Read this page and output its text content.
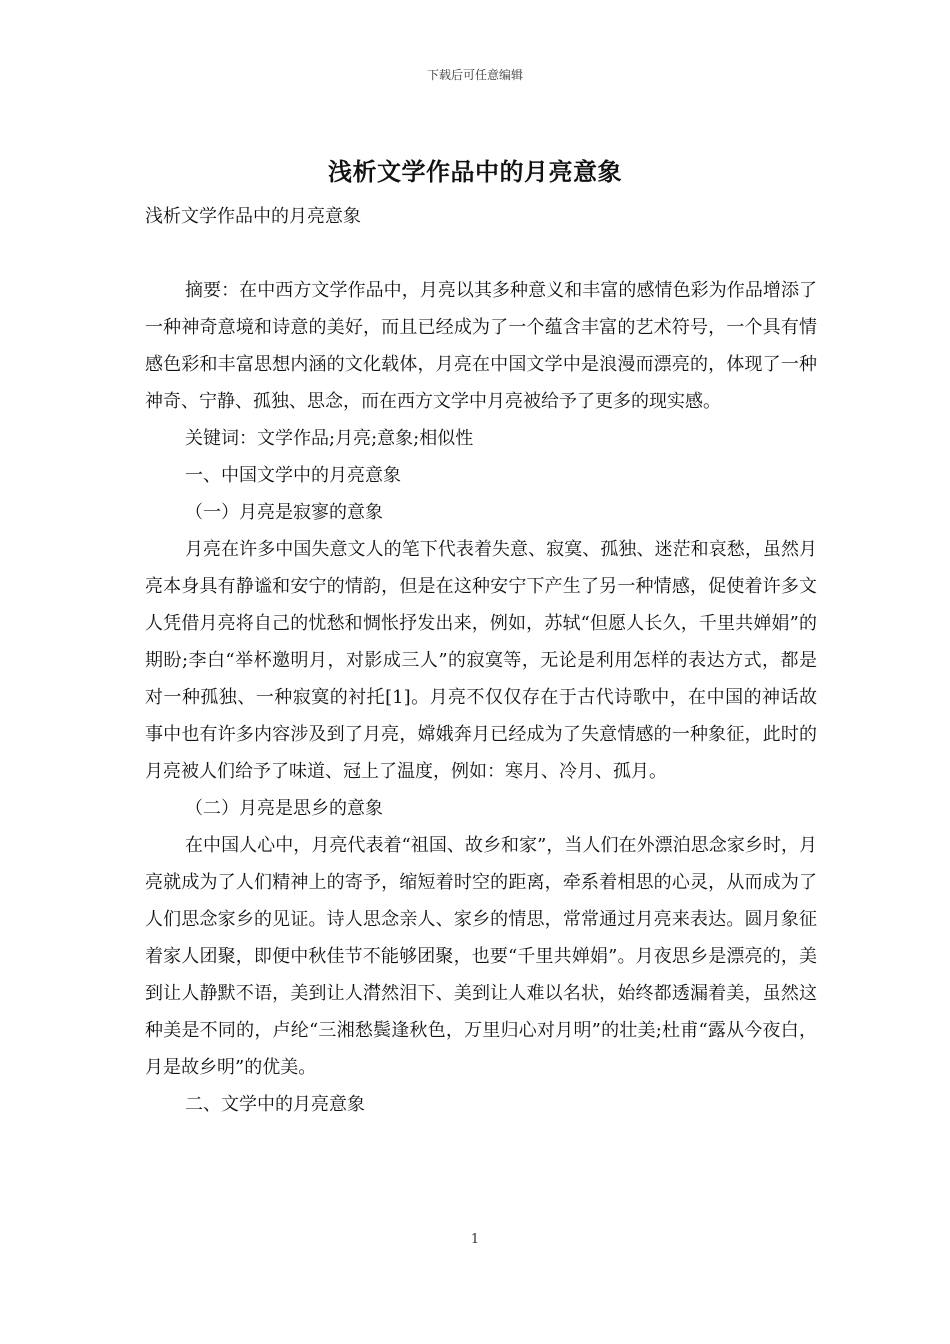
下载后可任意编辑
浅析文学作品中的月亮意象

浅析文学作品中的月亮意象

摘要：在中西方文学作品中，月亮以其多种意义和丰富的感情色彩为作品增添了一种神奇意境和诗意的美好，而且已经成为了一个蕴含丰富的艺术符号，一个具有情感色彩和丰富思想内涵的文化载体，月亮在中国文学中是浪漫而漂亮的，体现了一种神奇、宁静、孤独、思念，而在西方文学中月亮被给予了更多的现实感。

关键词：文学作品;月亮;意象;相似性

一、中国文学中的月亮意象

（一）月亮是寂寥的意象

月亮在许多中国失意文人的笔下代表着失意、寂寞、孤独、迷茫和哀愁，虽然月亮本身具有静谧和安宁的情韵，但是在这种安宁下产生了另一种情感，促使着许多文人凭借月亮将自己的忧愁和惆怅抒发出来，例如，苏轼“但愿人长久，千里共婵娟”的期盼;李白“举杯邀明月，对影成三人”的寂寞等，无论是利用怎样的表达方式，都是对一种孤独、一种寂寞的衬托[1]。月亮不仅仅存在于古代诗歌中，在中国的神话故事中也有许多内容涉及到了月亮，嫦娥奔月已经成为了失意情感的一种象征，此时的月亮被人们给予了味道、冠上了温度，例如：寒月、冷月、孤月。

（二）月亮是思乡的意象

在中国人心中，月亮代表着“祖国、故乡和家”，当人们在外漂泊思念家乡时，月亮就成为了人们精神上的寄予，缩短着时空的距离，牵系着相思的心灵，从而成为了人们思念家乡的见证。诗人思念亲人、家乡的情思，常常通过月亮来表达。圆月象征着家人团聚，即便中秋佳节不能够团聚，也要“千里共婵娟”。月夜思乡是漂亮的，美到让人静默不语，美到让人潸然泪下、美到让人难以名状，始终都透漏着美，虽然这种美是不同的，卢纶“三湘愁鬓逢秋色，万里归心对月明”的壮美;杜甫“露从今夜白，月是故乡明”的优美。

二、文学中的月亮意象

1
